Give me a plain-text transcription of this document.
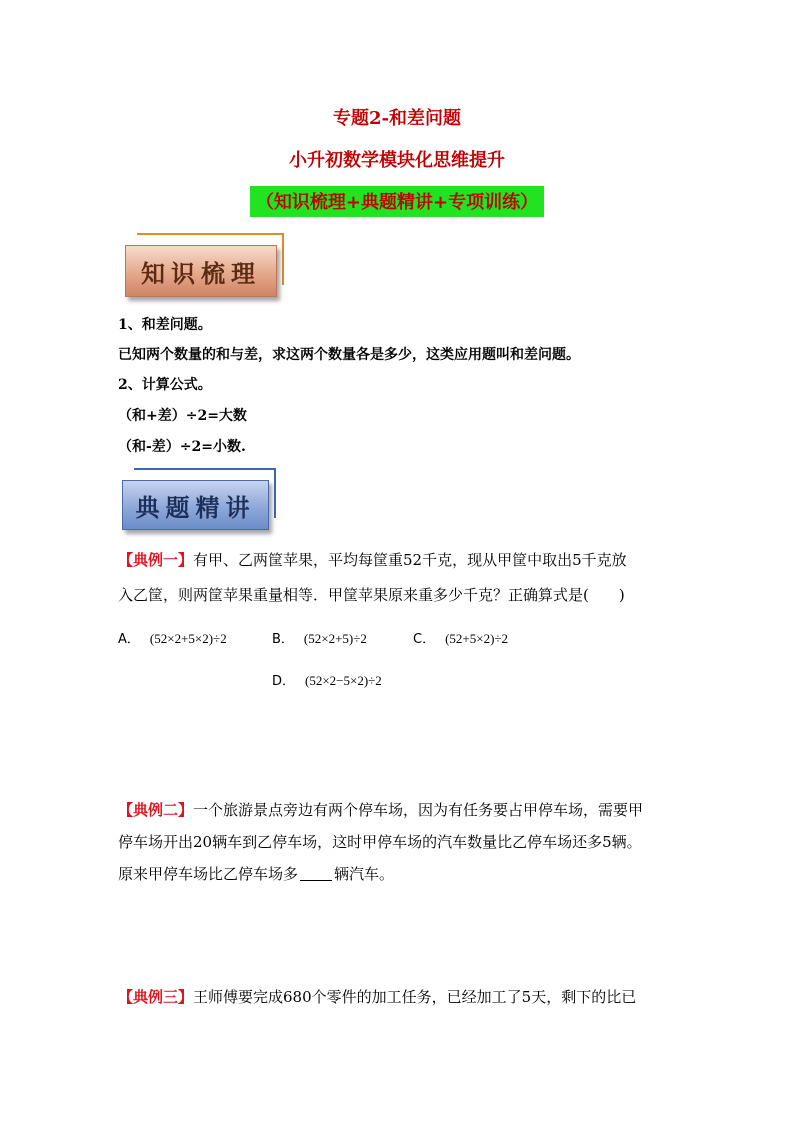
专题2-和差问题
小升初数学模块化思维提升
（知识梳理+典题精讲+专项训练）
知识梳理
1、和差问题。
已知两个数量的和与差，求这两个数量各是多少，这类应用题叫和差问题。
2、计算公式。
（和+差）÷2=大数
（和-差）÷2=小数.
典题精讲
【典例一】有甲、乙两筐苹果，平均每筐重52千克，现从甲筐中取出5千克放
入乙筐，则两筐苹果重量相等．甲筐苹果原来重多少千克？正确算式是( )
A． (52×2+5×2)÷2	B． (52×2+5)÷2	C． (52+5×2)÷2
D． (52×2−5×2)÷2
【典例二】一个旅游景点旁边有两个停车场，因为有任务要占甲停车场，需要甲
停车场开出20辆车到乙停车场，这时甲停车场的汽车数量比乙停车场还多5辆。
原来甲停车场比乙停车场多 辆汽车。
【典例三】王师傅要完成680个零件的加工任务，已经加工了5天，剩下的比已
